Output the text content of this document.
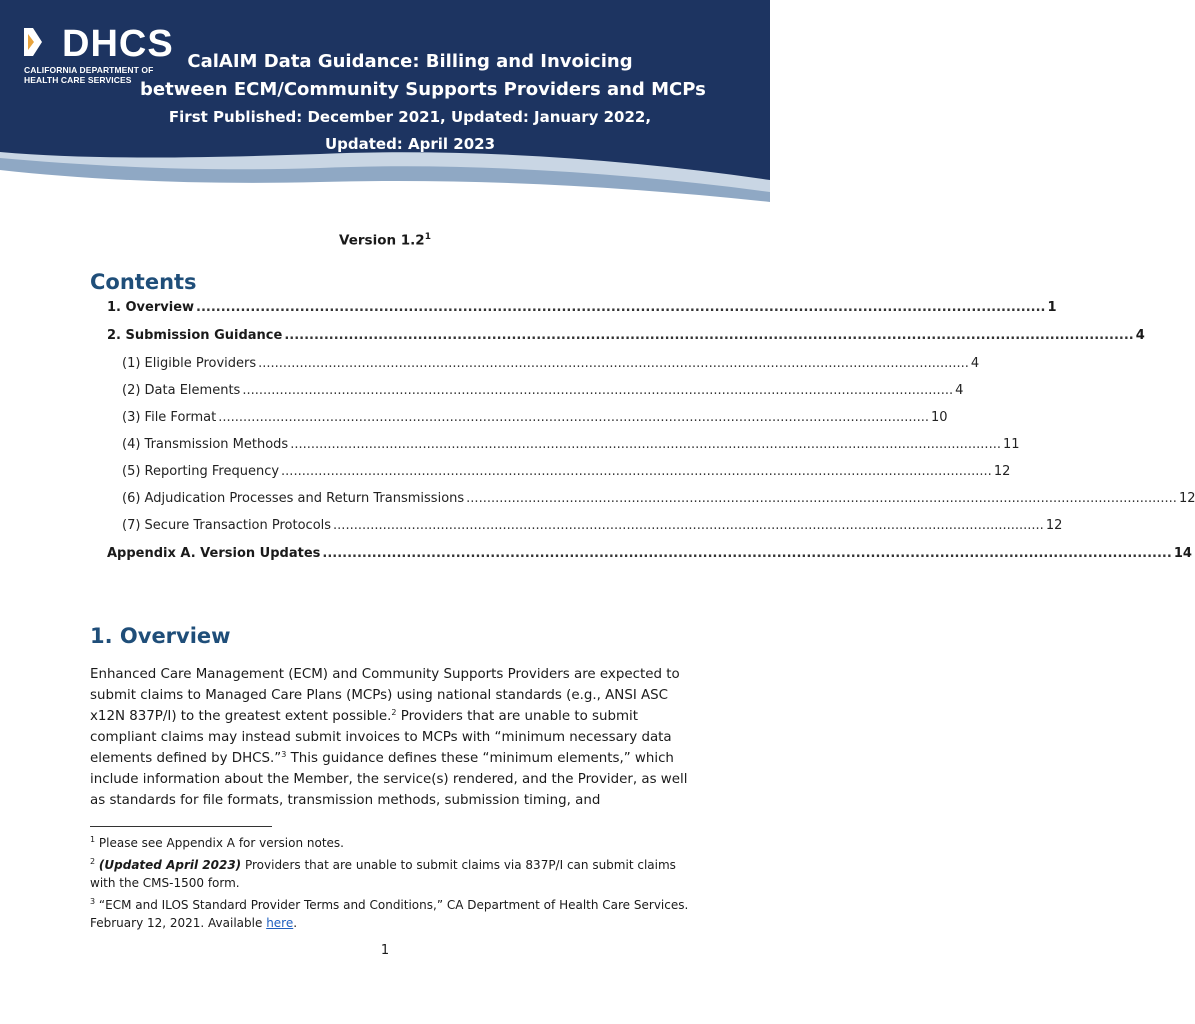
DHCS
CALIFORNIA DEPARTMENT OF
HEALTH CARE SERVICES
CalAIM Data Guidance: Billing and Invoicing
between ECM/Community Supports Providers and MCPs
First Published: December 2021, Updated: January 2022,
Updated: April 2023
Version $1.2^1$
Contents
1. Overview ............................................................................................................................................................................ 1
2. Submission Guidance ............................................................................................................................................................................ 4
(1) Eligible Providers ............................................................................................................................................................................ 4
(2) Data Elements ............................................................................................................................................................................ 4
(3) File Format ............................................................................................................................................................................ 10
(4) Transmission Methods ............................................................................................................................................................................ 11
(5) Reporting Frequency ............................................................................................................................................................................ 12
(6) Adjudication Processes and Return Transmissions ............................................................................................................................................................................ 12
(7) Secure Transaction Protocols ............................................................................................................................................................................ 12
Appendix A. Version Updates ............................................................................................................................................................................ 14
1. Overview
Enhanced Care Management (ECM) and Community Supports Providers are expected to submit claims to Managed Care Plans (MCPs) using national standards (e.g., ANSI ASC x12N 837P/I) to the greatest extent possible.$^2$ Providers that are unable to submit compliant claims may instead submit invoices to MCPs with “minimum necessary data elements defined by DHCS.”$^3$ This guidance defines these “minimum elements,” which include information about the Member, the service(s) rendered, and the Provider, as well as standards for file formats, transmission methods, submission timing, and
$^1$ Please see Appendix A for version notes.
$^2$ (Updated April 2023) Providers that are unable to submit claims via 837P/I can submit claims with the CMS-1500 form.
$^3$ “ECM and ILOS Standard Provider Terms and Conditions,” CA Department of Health Care Services. February 12, 2021. Available here.
1
